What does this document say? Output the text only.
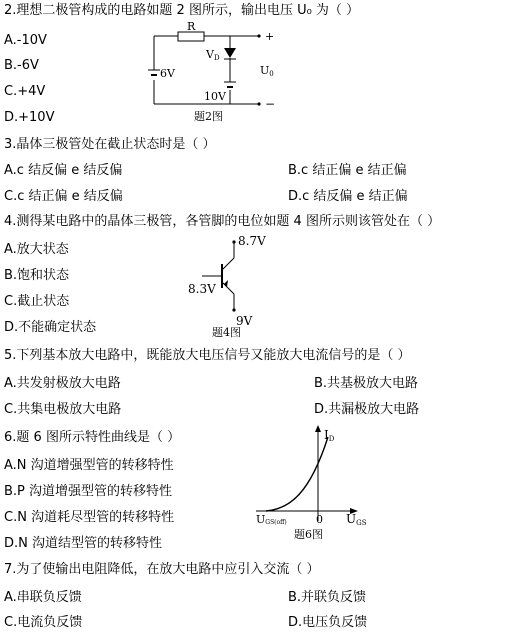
2.理想二极管构成的电路如题 2 图所示，输出电压 U₀ 为（ ）
A.-10V
B.-6V
C.+4V
D.+10V
R
VD
6V
10V
+
−
U0
题2图
3.晶体三极管处在截止状态时是（ ）
A.c 结反偏 e 结反偏	B.c 结正偏 e 结正偏
C.c 结正偏 e 结反偏	D.c 结反偏 e 结正偏
4.测得某电路中的晶体三极管，各管脚的电位如题 4 图所示则该管处在（ ）
A.放大状态
B.饱和状态
C.截止状态
D.不能确定状态
8.7V
8.3V
9V
题4图
5.下列基本放大电路中，既能放大电压信号又能放大电流信号的是（ ）
A.共发射极放大电路	B.共基极放大电路
C.共集电极放大电路	D.共漏极放大电路
6.题 6 图所示特性曲线是（ ）
A.N 沟道增强型管的转移特性
B.P 沟道增强型管的转移特性
C.N 沟道耗尽型管的转移特性
D.N 沟道结型管的转移特性
ID
UGS
UGS(off)	0
题6图
7.为了使输出电阻降低，在放大电路中应引入交流（ ）
A.串联负反馈	B.并联负反馈
C.电流负反馈	D.电压负反馈
